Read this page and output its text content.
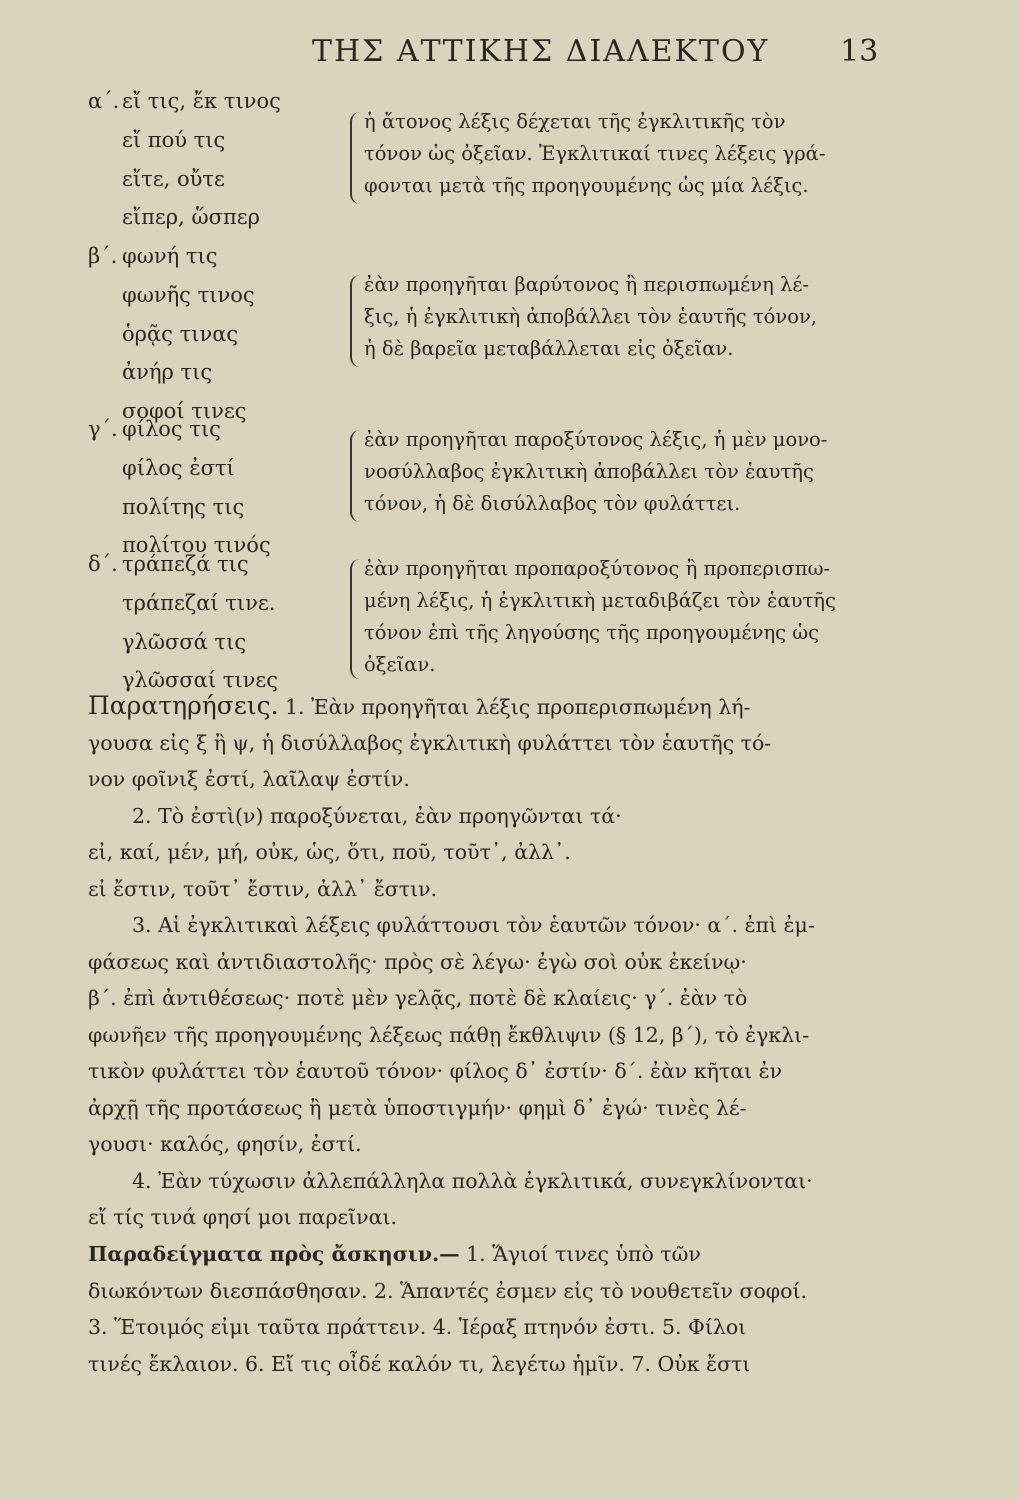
ΤΗΣ ΑΤΤΙΚΗΣ ΔΙΑΛΕΚΤΟΥ 13
α΄. εἴ τις, ἔκ τινος
εἴ πού τις
εἴτε, οὔτε
εἴπερ, ὥσπερ
ἡ ἄτονος λέξις δέχεται τῆς ἐγκλιτικῆς τὸν
τόνον ὡς ὀξεῖαν. Ἐγκλιτικαί τινες λέξεις γρά-
φονται μετὰ τῆς προηγουμένης ὡς μία λέξις.
β΄. φωνή τις
φωνῆς τινος
ὁρᾷς τινας
ἀνήρ τις
σοφοί τινες
ἐὰν προηγῆται βαρύτονος ἢ περισπωμένη λέ-
ξις, ἡ ἐγκλιτικὴ ἀποβάλλει τὸν ἑαυτῆς τόνον,
ἡ δὲ βαρεῖα μεταβάλλεται εἰς ὀξεῖαν.
γ΄. φίλος τις
φίλος ἐστί
πολίτης τις
πολίτου τινός
ἐὰν προηγῆται παροξύτονος λέξις, ἡ μὲν μονο-
νοσύλλαβος ἐγκλιτικὴ ἀποβάλλει τὸν ἑαυτῆς
τόνον, ἡ δὲ δισύλλαβος τὸν φυλάττει.
δ΄. τράπεζά τις
τράπεζαί τινε.
γλῶσσά τις
γλῶσσαί τινες
ἐὰν προηγῆται προπαροξύτονος ἢ προπερισπω-
μένη λέξις, ἡ ἐγκλιτικὴ μεταδιβάζει τὸν ἑαυτῆς
τόνον ἐπὶ τῆς ληγούσης τῆς προηγουμένης ὡς
ὀξεῖαν.
Παρατηρήσεις. 1. Ἐὰν προηγῆται λέξις προπερισπωμένη λή-
γουσα εἰς ξ ἢ ψ, ἡ δισύλλαβος ἐγκλιτικὴ φυλάττει τὸν ἑαυτῆς τό-
νον φοῖνιξ ἐστί, λαῖλαψ ἐστίν.
2. Τὸ ἐστὶ(ν) παροξύνεται, ἐὰν προηγῶνται τά·
εἰ, καί, μέν, μή, οὐκ, ὡς, ὅτι, ποῦ, τοῦτ᾽, ἀλλ᾽.
εἰ ἔστιν, τοῦτ᾽ ἔστιν, ἀλλ᾽ ἔστιν.
3. Αἱ ἐγκλιτικαὶ λέξεις φυλάττουσι τὸν ἑαυτῶν τόνον· α΄. ἐπὶ ἐμ-
φάσεως καὶ ἀντιδιαστολῆς· πρὸς σὲ λέγω· ἐγὼ σοὶ οὐκ ἐκείνῳ·
β΄. ἐπὶ ἀντιθέσεως· ποτὲ μὲν γελᾷς, ποτὲ δὲ κλαίεις· γ΄. ἐὰν τὸ
φωνῆεν τῆς προηγουμένης λέξεως πάθῃ ἔκθλιψιν (§ 12, β΄), τὸ ἐγκλι-
τικὸν φυλάττει τὸν ἑαυτοῦ τόνον· φίλος δ᾽ ἐστίν· δ΄. ἐὰν κῆται ἐν
ἀρχῇ τῆς προτάσεως ἢ μετὰ ὑποστιγμήν· φημὶ δ᾽ ἐγώ· τινὲς λέ-
γουσι· καλός, φησίν, ἐστί.
4. Ἐὰν τύχωσιν ἀλλεπάλληλα πολλὰ ἐγκλιτικά, συνεγκλίνονται·
εἴ τίς τινά φησί μοι παρεῖναι.
Παραδείγματα πρὸς ἄσκησιν.— 1. Ἅγιοί τινες ὑπὸ τῶν
διωκόντων διεσπάσθησαν. 2. Ἅπαντές ἐσμεν εἰς τὸ νουθετεῖν σοφοί.
3. Ἕτοιμός εἰμι ταῦτα πράττειν. 4. Ἱέραξ πτηνόν ἐστι. 5. Φίλοι
τινές ἔκλαιον. 6. Εἴ τις οἶδέ καλόν τι, λεγέτω ἡμῖν. 7. Οὐκ ἔστι
